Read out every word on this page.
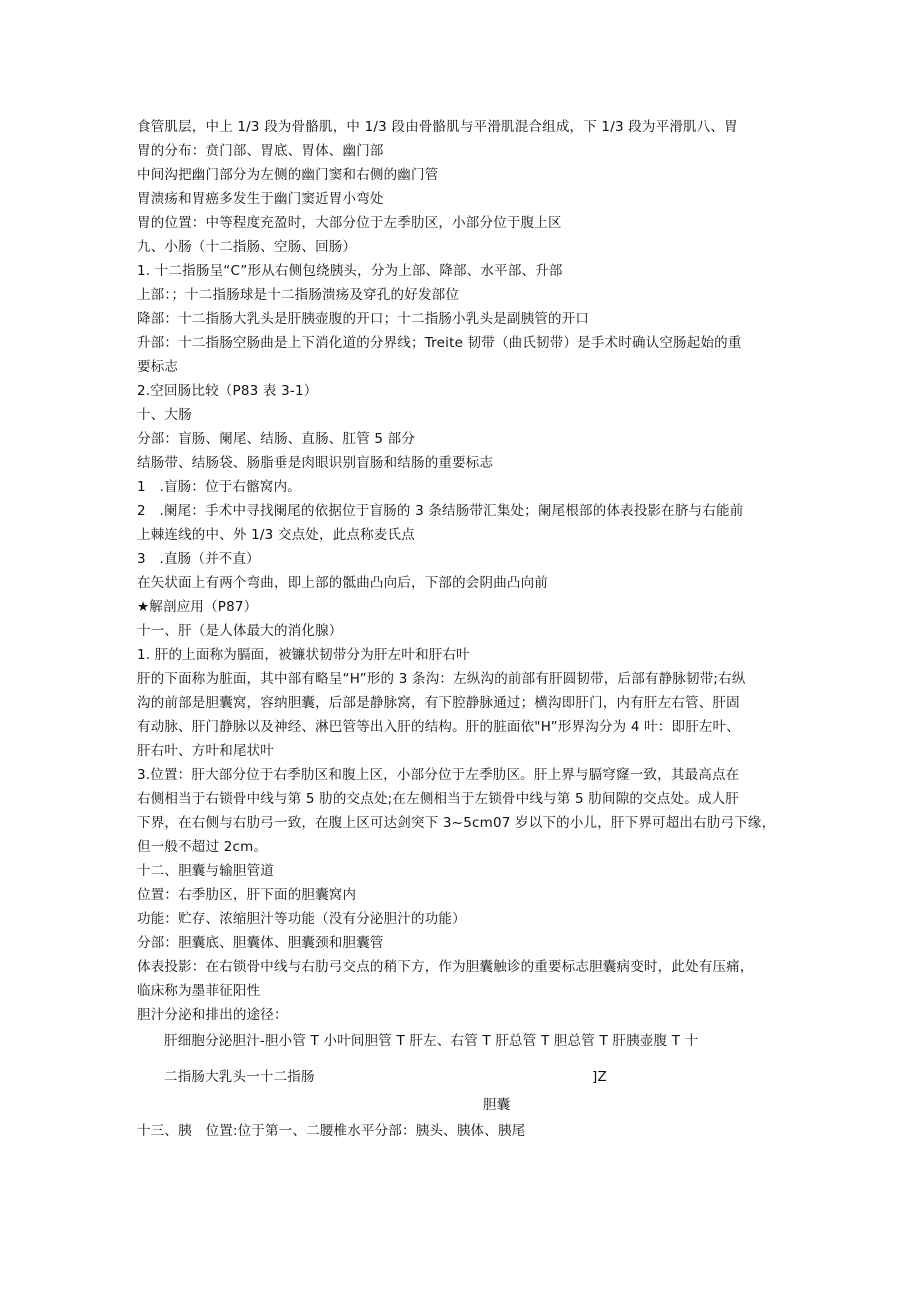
食管肌层，中上 1/3 段为骨骼肌，中 1/3 段由骨骼肌与平滑肌混合组成，下 1/3 段为平滑肌八、胃
胃的分布：贲门部、胃底、胃体、幽门部
中间沟把幽门部分为左侧的幽门窦和右侧的幽门管
胃溃疡和胃癌多发生于幽门窦近胃小弯处
胃的位置：中等程度充盈时，大部分位于左季肋区，小部分位于腹上区
九、小肠（十二指肠、空肠、回肠）
1. 十二指肠呈“C”形从右侧包绕胰头，分为上部、降部、水平部、升部
上部：；十二指肠球是十二指肠溃疡及穿孔的好发部位
降部：十二指肠大乳头是肝胰壶腹的开口；十二指肠小乳头是副胰管的开口
升部：十二指肠空肠曲是上下消化道的分界线；Treite 韧带（曲氏韧带）是手术时确认空肠起始的重
要标志
2.空回肠比较（P83 表 3-1）
十、大肠
分部：盲肠、阑尾、结肠、直肠、肛管 5 部分
结肠带、结肠袋、肠脂垂是肉眼识别盲肠和结肠的重要标志
1　.盲肠：位于右髂窝内。
2　.阑尾：手术中寻找阑尾的依据位于盲肠的 3 条结肠带汇集处；阑尾根部的体表投影在脐与右能前
上棘连线的中、外 1/3 交点处，此点称麦氏点
3　.直肠（并不直）
在矢状面上有两个弯曲，即上部的骶曲凸向后，下部的会阴曲凸向前
★解剖应用（P87）
十一、肝（是人体最大的消化腺）
1. 肝的上面称为膈面，被镰状韧带分为肝左叶和肝右叶
肝的下面称为脏面，其中部有略呈“H”形的 3 条沟：左纵沟的前部有肝圆韧带，后部有静脉韧带;右纵
沟的前部是胆囊窝，容纳胆囊，后部是静脉窝，有下腔静脉通过；横沟即肝门，内有肝左右管、肝固
有动脉、肝门静脉以及神经、淋巴管等出入肝的结构。肝的脏面依"H”形界沟分为 4 叶：即肝左叶、
肝右叶、方叶和尾状叶
3.位置：肝大部分位于右季肋区和腹上区，小部分位于左季肋区。肝上界与膈穹窿一致，其最高点在
右侧相当于右锁骨中线与第 5 肋的交点处;在左侧相当于左锁骨中线与第 5 肋间隙的交点处。成人肝
下界，在右侧与右肋弓一致，在腹上区可达剑突下 3~5cm07 岁以下的小儿，肝下界可超出右肋弓下缘，
但一般不超过 2cm。
十二、胆囊与输胆管道
位置：右季肋区，肝下面的胆囊窝内
功能：贮存、浓缩胆汁等功能（没有分泌胆汁的功能）
分部：胆囊底、胆囊体、胆囊颈和胆囊管
体表投影：在右锁骨中线与右肋弓交点的稍下方，作为胆囊触诊的重要标志胆囊病变时，此处有压痛，
临床称为墨菲征阳性
胆汁分泌和排出的途径：
肝细胞分泌胆汁-胆小管 T 小叶间胆管 T 肝左、右管 T 肝总管 T 胆总管 T 肝胰壶腹 T 十
二指肠大乳头一十二指肠	]Z
胆囊
十三、胰　位置:位于第一、二腰椎水平分部：胰头、胰体、胰尾
